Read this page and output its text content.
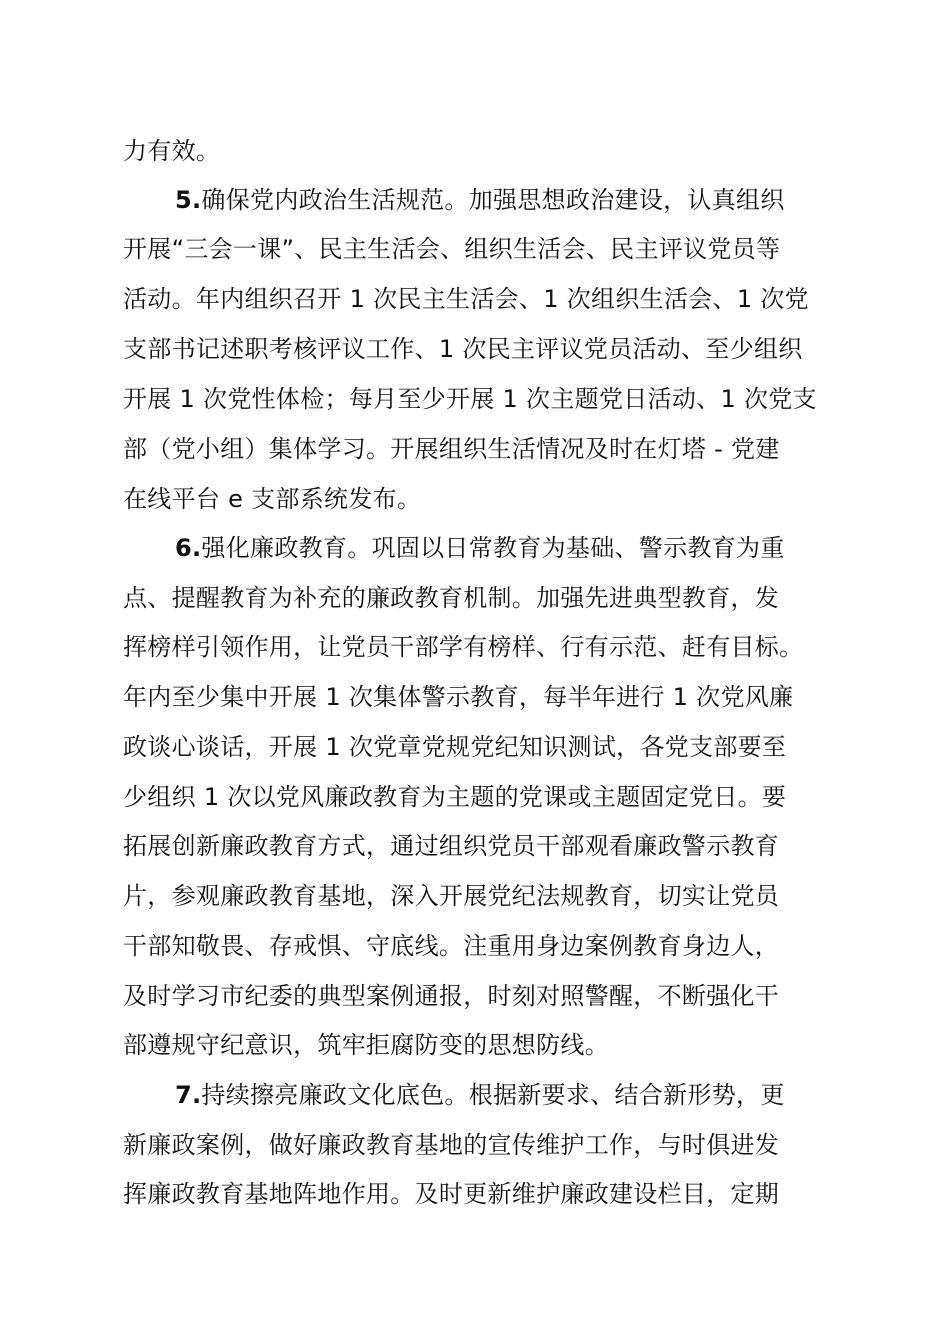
力有效。
5.确保党内政治生活规范。加强思想政治建设，认真组织
开展“三会一课”、民主生活会、组织生活会、民主评议党员等
活动。年内组织召开 1 次民主生活会、1 次组织生活会、1 次党
支部书记述职考核评议工作、1 次民主评议党员活动、至少组织
开展 1 次党性体检；每月至少开展 1 次主题党日活动、1 次党支
部（党小组）集体学习。开展组织生活情况及时在灯塔 - 党建
在线平台 e 支部系统发布。
6.强化廉政教育。巩固以日常教育为基础、警示教育为重
点、提醒教育为补充的廉政教育机制。加强先进典型教育，发
挥榜样引领作用，让党员干部学有榜样、行有示范、赶有目标。
年内至少集中开展 1 次集体警示教育，每半年进行 1 次党风廉
政谈心谈话，开展 1 次党章党规党纪知识测试，各党支部要至
少组织 1 次以党风廉政教育为主题的党课或主题固定党日。要
拓展创新廉政教育方式，通过组织党员干部观看廉政警示教育
片，参观廉政教育基地，深入开展党纪法规教育，切实让党员
干部知敬畏、存戒惧、守底线。注重用身边案例教育身边人，
及时学习市纪委的典型案例通报，时刻对照警醒，不断强化干
部遵规守纪意识，筑牢拒腐防变的思想防线。
7.持续擦亮廉政文化底色。根据新要求、结合新形势，更
新廉政案例，做好廉政教育基地的宣传维护工作，与时俱进发
挥廉政教育基地阵地作用。及时更新维护廉政建设栏目，定期
